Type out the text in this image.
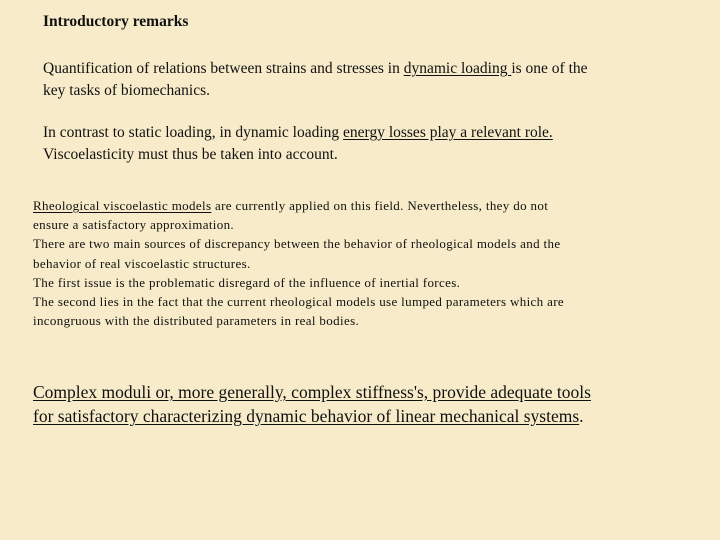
Introductory remarks
Quantification of relations between strains and stresses in dynamic loading is one of the
key tasks of biomechanics.
In contrast to static loading, in dynamic loading energy losses play a relevant role.
Viscoelasticity must thus be taken into account.
Rheological viscoelastic models are currently applied on this field. Nevertheless, they do not
ensure a satisfactory approximation.
There are two main sources of discrepancy between the behavior of rheological models and the
behavior of real viscoelastic structures.
The first issue is the problematic disregard of the influence of inertial forces.
The second lies in the fact that the current rheological models use lumped parameters which are
incongruous with the distributed parameters in real bodies.
Complex moduli or, more generally, complex stiffness's, provide adequate tools
for satisfactory characterizing dynamic behavior of linear mechanical systems.
